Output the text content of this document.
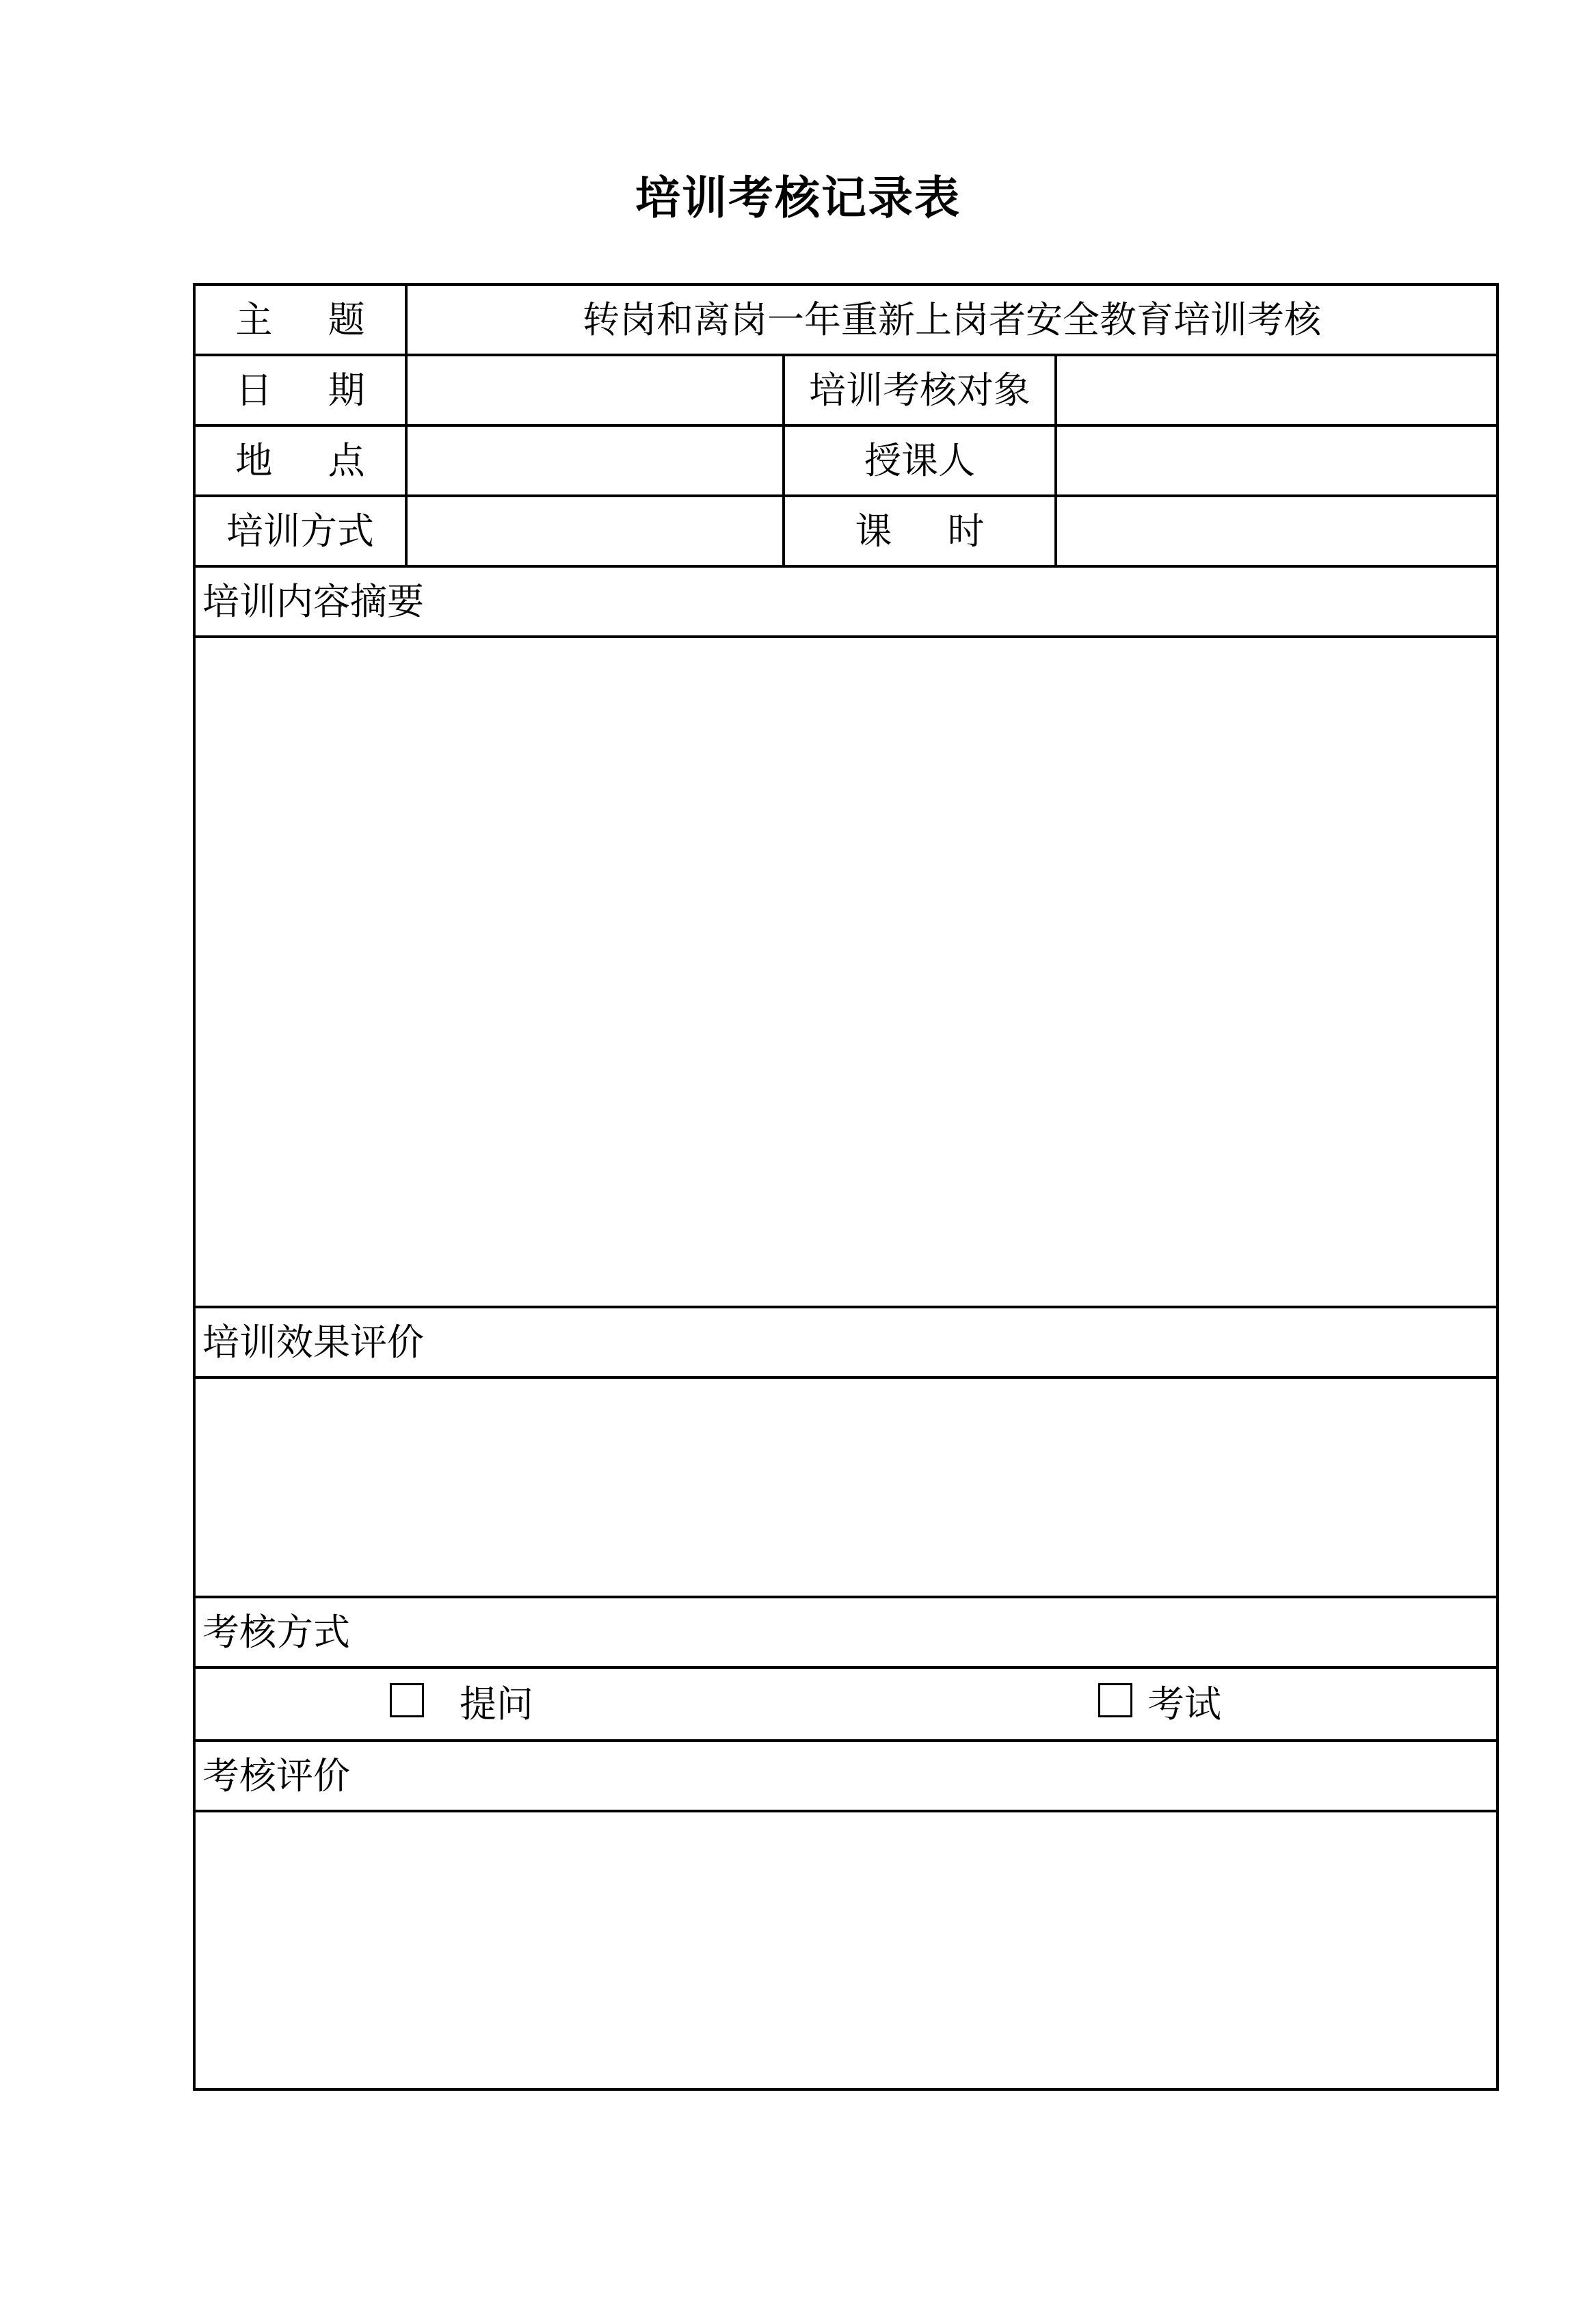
培训考核记录表
主 题	转岗和离岗一年重新上岗者安全教育培训考核		
日 期		培训考核对象	
地 点		授课人	
培训方式		课 时	
培训内容摘要			

培训效果评价			

考核方式			

提问 考试			

考核评价			
